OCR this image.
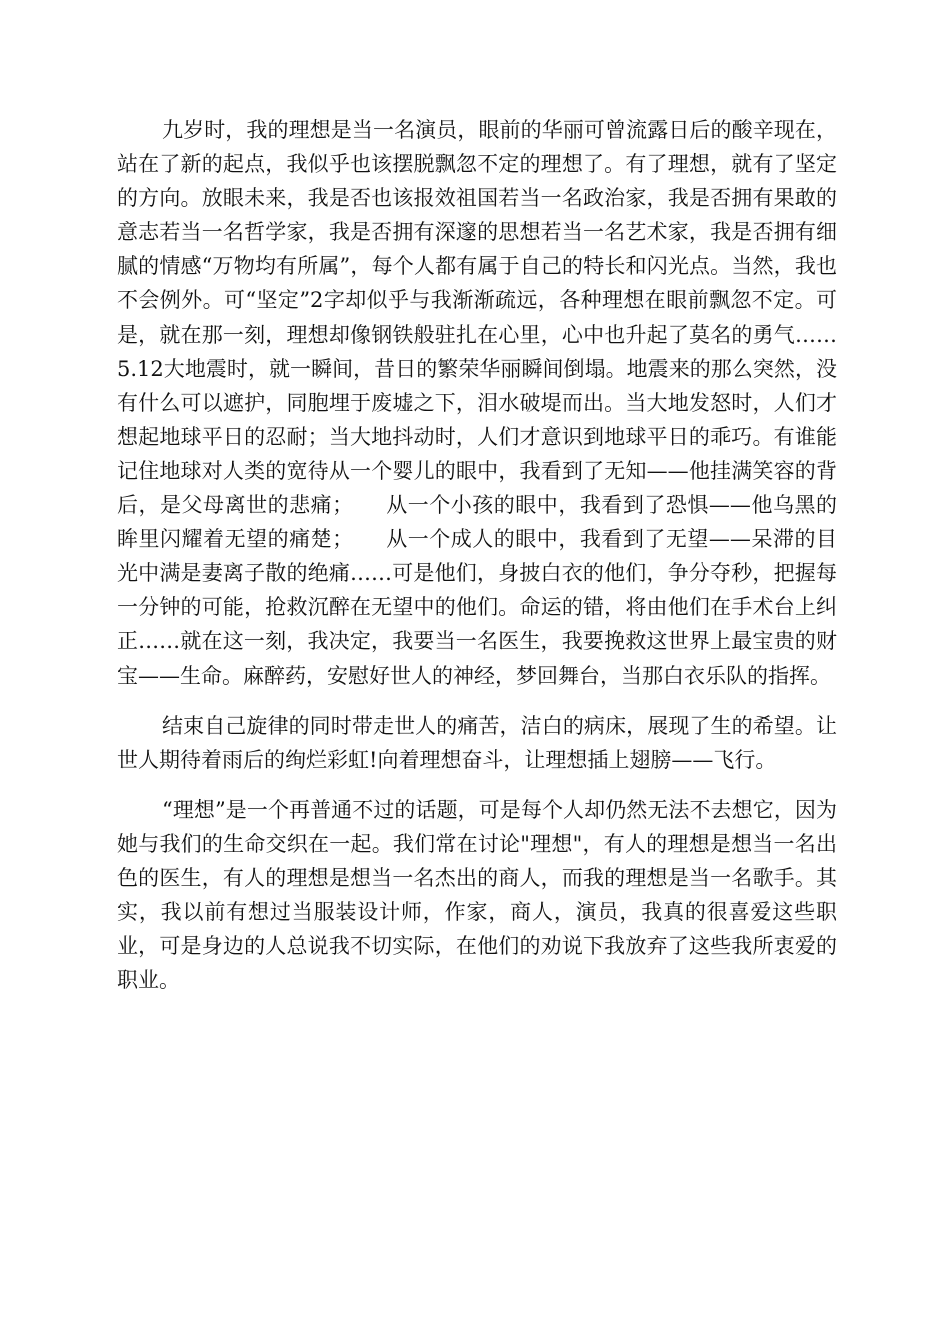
九岁时，我的理想是当一名演员，眼前的华丽可曾流露日后的酸辛现在，站在了新的起点，我似乎也该摆脱飘忽不定的理想了。有了理想，就有了坚定的方向。放眼未来，我是否也该报效祖国若当一名政治家，我是否拥有果敢的意志若当一名哲学家，我是否拥有深邃的思想若当一名艺术家，我是否拥有细腻的情感“万物均有所属”，每个人都有属于自己的特长和闪光点。当然，我也不会例外。可“坚定”2字却似乎与我渐渐疏远，各种理想在眼前飘忽不定。可是，就在那一刻，理想却像钢铁般驻扎在心里，心中也升起了莫名的勇气……5.12大地震时，就一瞬间，昔日的繁荣华丽瞬间倒塌。地震来的那么突然，没有什么可以遮护，同胞埋于废墟之下，泪水破堤而出。当大地发怒时，人们才想起地球平日的忍耐；当大地抖动时，人们才意识到地球平日的乖巧。有谁能记住地球对人类的宽待从一个婴儿的眼中，我看到了无知——他挂满笑容的背后，是父母离世的悲痛；　　从一个小孩的眼中，我看到了恐惧——他乌黑的眸里闪耀着无望的痛楚；　　从一个成人的眼中，我看到了无望——呆滞的目光中满是妻离子散的绝痛……可是他们，身披白衣的他们，争分夺秒，把握每一分钟的可能，抢救沉醉在无望中的他们。命运的错，将由他们在手术台上纠正……就在这一刻，我决定，我要当一名医生，我要挽救这世界上最宝贵的财宝——生命。麻醉药，安慰好世人的神经，梦回舞台，当那白衣乐队的指挥。

结束自己旋律的同时带走世人的痛苦，洁白的病床，展现了生的希望。让世人期待着雨后的绚烂彩虹!向着理想奋斗，让理想插上翅膀——飞行。

“理想”是一个再普通不过的话题，可是每个人却仍然无法不去想它，因为她与我们的生命交织在一起。我们常在讨论"理想"，有人的理想是想当一名出色的医生，有人的理想是想当一名杰出的商人，而我的理想是当一名歌手。其实，我以前有想过当服装设计师，作家，商人，演员，我真的很喜爱这些职业，可是身边的人总说我不切实际，在他们的劝说下我放弃了这些我所衷爱的职业。
